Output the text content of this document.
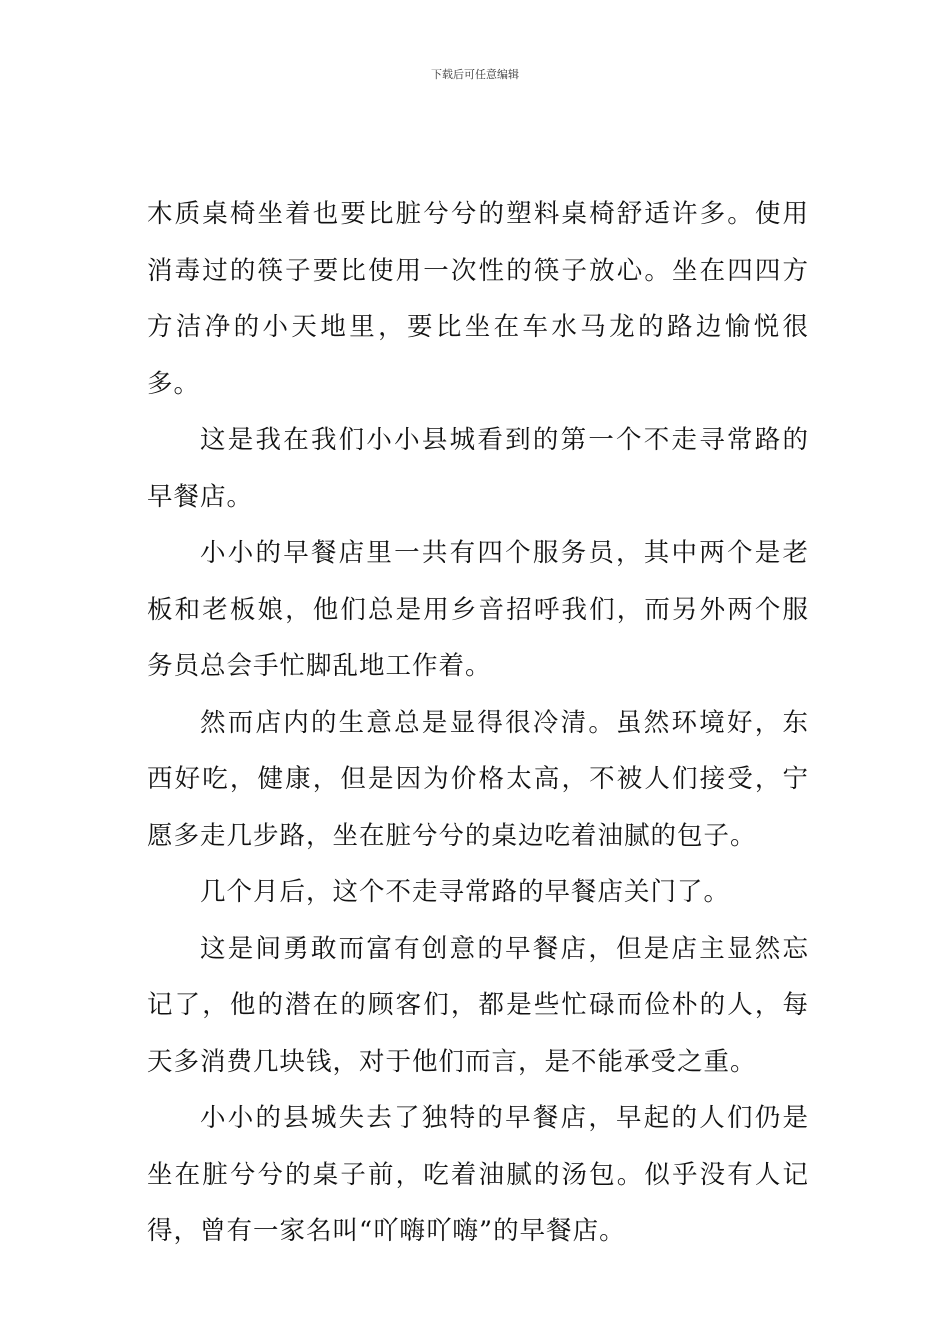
下载后可任意编辑

木质桌椅坐着也要比脏兮兮的塑料桌椅舒适许多。使用消毒过的筷子要比使用一次性的筷子放心。坐在四四方方洁净的小天地里，要比坐在车水马龙的路边愉悦很多。

这是我在我们小小县城看到的第一个不走寻常路的早餐店。

小小的早餐店里一共有四个服务员，其中两个是老板和老板娘，他们总是用乡音招呼我们，而另外两个服务员总会手忙脚乱地工作着。

然而店内的生意总是显得很冷清。虽然环境好，东西好吃，健康，但是因为价格太高，不被人们接受，宁愿多走几步路，坐在脏兮兮的桌边吃着油腻的包子。

几个月后，这个不走寻常路的早餐店关门了。

这是间勇敢而富有创意的早餐店，但是店主显然忘记了，他的潜在的顾客们，都是些忙碌而俭朴的人，每天多消费几块钱，对于他们而言，是不能承受之重。

小小的县城失去了独特的早餐店，早起的人们仍是坐在脏兮兮的桌子前，吃着油腻的汤包。似乎没有人记得，曾有一家名叫“吖嗨吖嗨”的早餐店。
